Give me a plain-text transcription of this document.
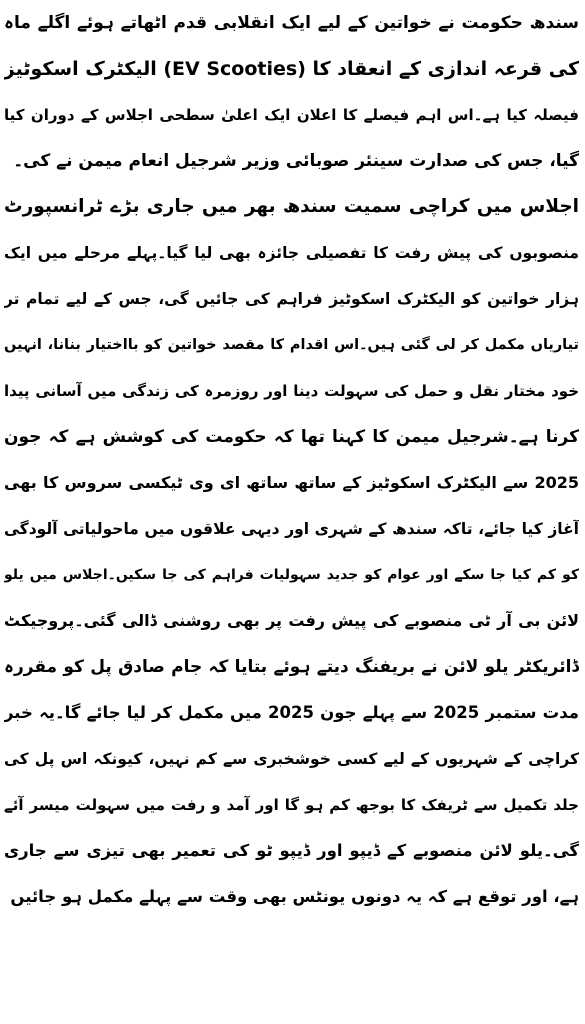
سندھ حکومت نے خواتین کے لیے ایک انقلابی قدم اٹھاتے ہوئے اگلے ماہ
کی قرعہ اندازی کے انعقاد کا (EV Scooties) الیکٹرک اسکوٹیز
فیصلہ کیا ہے۔اس اہم فیصلے کا اعلان ایک اعلیٰ سطحی اجلاس کے دوران کیا
گیا، جس کی صدارت سینئر صوبائی وزیر شرجیل انعام میمن نے کی۔
اجلاس میں کراچی سمیت سندھ بھر میں جاری بڑے ٹرانسپورٹ
منصوبوں کی پیش رفت کا تفصیلی جائزہ بھی لیا گیا۔پہلے مرحلے میں ایک
ہزار خواتین کو الیکٹرک اسکوٹیز فراہم کی جائیں گی، جس کے لیے تمام تر
تیاریاں مکمل کر لی گئی ہیں۔اس اقدام کا مقصد خواتین کو بااختیار بنانا، انہیں
خود مختار نقل و حمل کی سہولت دینا اور روزمرہ کی زندگی میں آسانی پیدا
کرنا ہے۔شرجیل میمن کا کہنا تھا کہ حکومت کی کوشش ہے کہ جون
2025 سے الیکٹرک اسکوٹیز کے ساتھ ساتھ ای وی ٹیکسی سروس کا بھی
آغاز کیا جائے، تاکہ سندھ کے شہری اور دیہی علاقوں میں ماحولیاتی آلودگی
کو کم کیا جا سکے اور عوام کو جدید سہولیات فراہم کی جا سکیں۔اجلاس میں یلو
لائن بی آر ٹی منصوبے کی پیش رفت پر بھی روشنی ڈالی گئی۔پروجیکٹ
ڈائریکٹر یلو لائن نے بریفنگ دیتے ہوئے بتایا کہ جام صادق پل کو مقررہ
مدت ستمبر 2025 سے پہلے جون 2025 میں مکمل کر لیا جائے گا۔یہ خبر
کراچی کے شہریوں کے لیے کسی خوشخبری سے کم نہیں، کیونکہ اس پل کی
جلد تکمیل سے ٹریفک کا بوجھ کم ہو گا اور آمد و رفت میں سہولت میسر آئے
گی۔یلو لائن منصوبے کے ڈیپو اور ڈیپو ٹو کی تعمیر بھی تیزی سے جاری
ہے، اور توقع ہے کہ یہ دونوں یونٹس بھی وقت سے پہلے مکمل ہو جائیں
